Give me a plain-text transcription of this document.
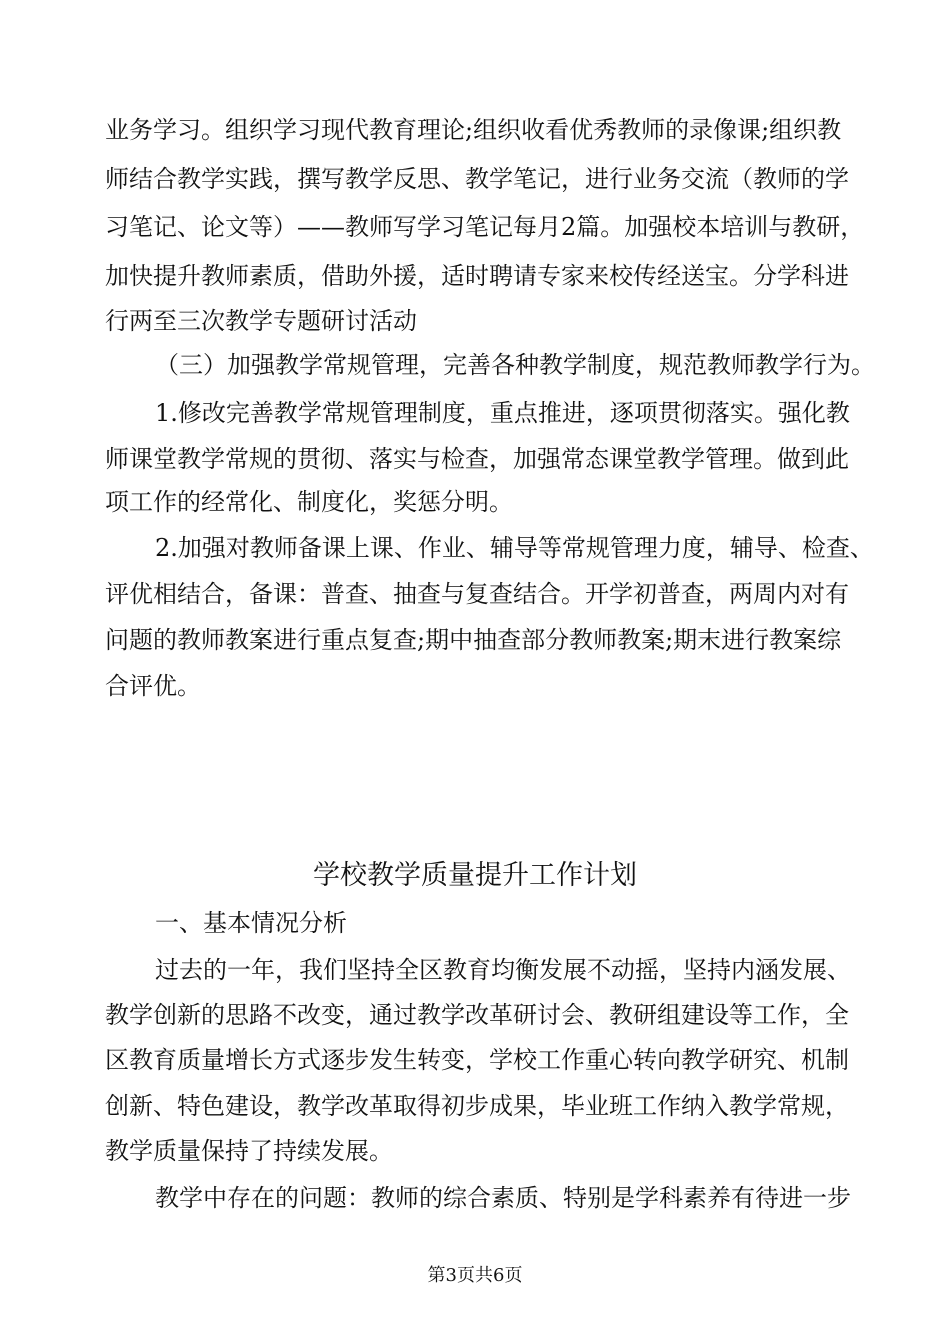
业务学习。组织学习现代教育理论;组织收看优秀教师的录像课;组织教
师结合教学实践，撰写教学反思、教学笔记，进行业务交流（教师的学
习笔记、论文等）——教师写学习笔记每月2篇。加强校本培训与教研，
加快提升教师素质，借助外援，适时聘请专家来校传经送宝。分学科进
行两至三次教学专题研讨活动
（三）加强教学常规管理，完善各种教学制度，规范教师教学行为。
1.修改完善教学常规管理制度，重点推进，逐项贯彻落实。强化教
师课堂教学常规的贯彻、落实与检查，加强常态课堂教学管理。做到此
项工作的经常化、制度化，奖惩分明。
2.加强对教师备课上课、作业、辅导等常规管理力度，辅导、检查、
评优相结合，备课：普查、抽查与复查结合。开学初普查，两周内对有
问题的教师教案进行重点复查;期中抽查部分教师教案;期末进行教案综
合评优。
学校教学质量提升工作计划
一、基本情况分析
过去的一年，我们坚持全区教育均衡发展不动摇，坚持内涵发展、
教学创新的思路不改变，通过教学改革研讨会、教研组建设等工作，全
区教育质量增长方式逐步发生转变，学校工作重心转向教学研究、机制
创新、特色建设，教学改革取得初步成果，毕业班工作纳入教学常规，
教学质量保持了持续发展。
教学中存在的问题：教师的综合素质、特别是学科素养有待进一步
第3页共6页
